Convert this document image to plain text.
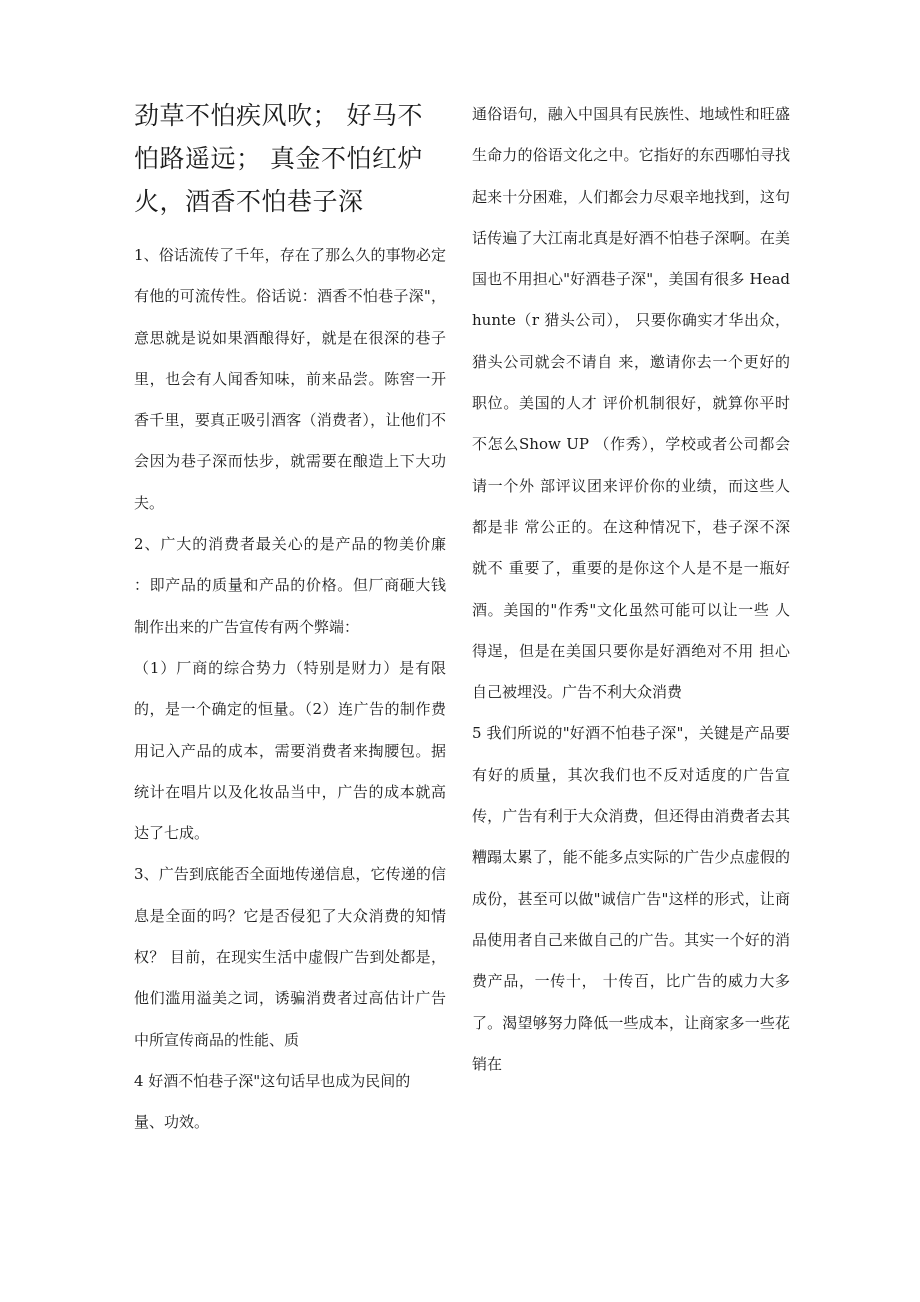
劲草不怕疾风吹； 好马不怕路遥远； 真金不怕红炉火，酒香不怕巷子深

1、俗话流传了千年，存在了那么久的事物必定有他的可流传性。俗话说：酒香不怕巷子深"，意思就是说如果酒酿得好，就是在很深的巷子里，也会有人闻香知味，前来品尝。陈窖一开香千里，要真正吸引酒客（消费者），让他们不会因为巷子深而怯步，就需要在酿造上下大功夫。

2、广大的消费者最关心的是产品的物美价廉 ：即产品的质量和产品的价格。但厂商砸大钱制作出来的广告宣传有两个弊端：

（1）厂商的综合势力（特别是财力）是有限的，是一个确定的恒量。（2）连广告的制作费用记入产品的成本，需要消费者来掏腰包。据统计在唱片以及化妆品当中，广告的成本就高达了七成。

3、广告到底能否全面地传递信息，它传递的信息是全面的吗？它是否侵犯了大众消费的知情权？ 目前，在现实生活中虚假广告到处都是，他们滥用溢美之词，诱骗消费者过高估计广告中所宣传商品的性能、质

4 好酒不怕巷子深"这句话早也成为民间的

量、功效。

通俗语句，融入中国具有民族性、地域性和旺盛生命力的俗语文化之中。它指好的东西哪怕寻找起来十分困难，人们都会力尽艰辛地找到，这句话传遍了大江南北真是好酒不怕巷子深啊。在美国也不用担心"好酒巷子深"，美国有很多 Headhunte（r 猎头公司）， 只要你确实才华出众，猎头公司就会不请自 来，邀请你去一个更好的职位。美国的人才 评价机制很好，就算你平时不怎么Show UP （作秀），学校或者公司都会请一个外 部评议团来评价你的业绩，而这些人都是非 常公正的。在这种情况下，巷子深不深就不 重要了，重要的是你这个人是不是一瓶好 酒。美国的"作秀"文化虽然可能可以让一些 人得逞，但是在美国只要你是好酒绝对不用 担心自己被埋没。广告不利大众消费

5 我们所说的"好酒不怕巷子深"，关键是产品要有好的质量，其次我们也不反对适度的广告宣传，广告有利于大众消费，但还得由消费者去其糟蹋太累了，能不能多点实际的广告少点虚假的成份，甚至可以做"诚信广告"这样的形式，让商品使用者自己来做自己的广告。其实一个好的消费产品，一传十， 十传百，比广告的威力大多了。渴望够努力降低一些成本，让商家多一些花销在
